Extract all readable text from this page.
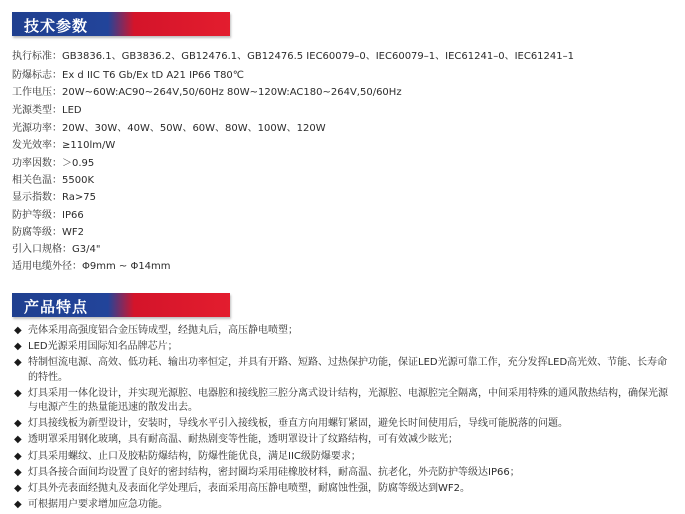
技术参数
执行标准：GB3836.1、GB3836.2、GB12476.1、GB12476.5 IEC60079–0、IEC60079–1、IEC61241–0、IEC61241–1
防爆标志：Ex d IIC T6 Gb/Ex tD A21 IP66 T80℃
工作电压：20W~60W:AC90~264V,50/60Hz 80W~120W:AC180~264V,50/60Hz
光源类型：LED
光源功率：20W、30W、40W、50W、60W、80W、100W、120W
发光效率：≥110lm/W
功率因数：＞0.95
相关色温：5500K
显示指数：Ra>75
防护等级：IP66
防腐等级：WF2
引入口规格：G3/4"
适用电缆外径：Φ9mm ~ Φ14mm
产品特点
◆ 壳体采用高强度铝合金压铸成型，经抛丸后，高压静电喷塑；
◆ LED光源采用国际知名品牌芯片；
◆ 特制恒流电源、高效、低功耗、输出功率恒定，并具有开路、短路、过热保护功能，保证LED光源可靠工作，充分发挥LED高光效、节能、长寿命的特性。
◆ 灯具采用一体化设计，并实现光源腔、电器腔和接线腔三腔分离式设计结构，光源腔、电源腔完全隔离，中间采用特殊的通风散热结构，确保光源与电源产生的热量能迅速的散发出去。
◆ 灯具接线板为新型设计，安装时，导线水平引入接线板，垂直方向用螺钉紧固，避免长时间使用后，导线可能脱落的问题。
◆ 透明罩采用钢化玻璃，具有耐高温、耐热剧变等性能，透明罩设计了纹路结构，可有效减少眩光；
◆ 灯具采用螺纹、止口及胶粘防爆结构，防爆性能优良，满足IIC级防爆要求；
◆ 灯具各接合面间均设置了良好的密封结构，密封圈均采用硅橡胶材料，耐高温、抗老化，外壳防护等级达IP66；
◆ 灯具外壳表面经抛丸及表面化学处理后，表面采用高压静电喷塑，耐腐蚀性强，防腐等级达到WF2。
◆ 可根据用户要求增加应急功能。
